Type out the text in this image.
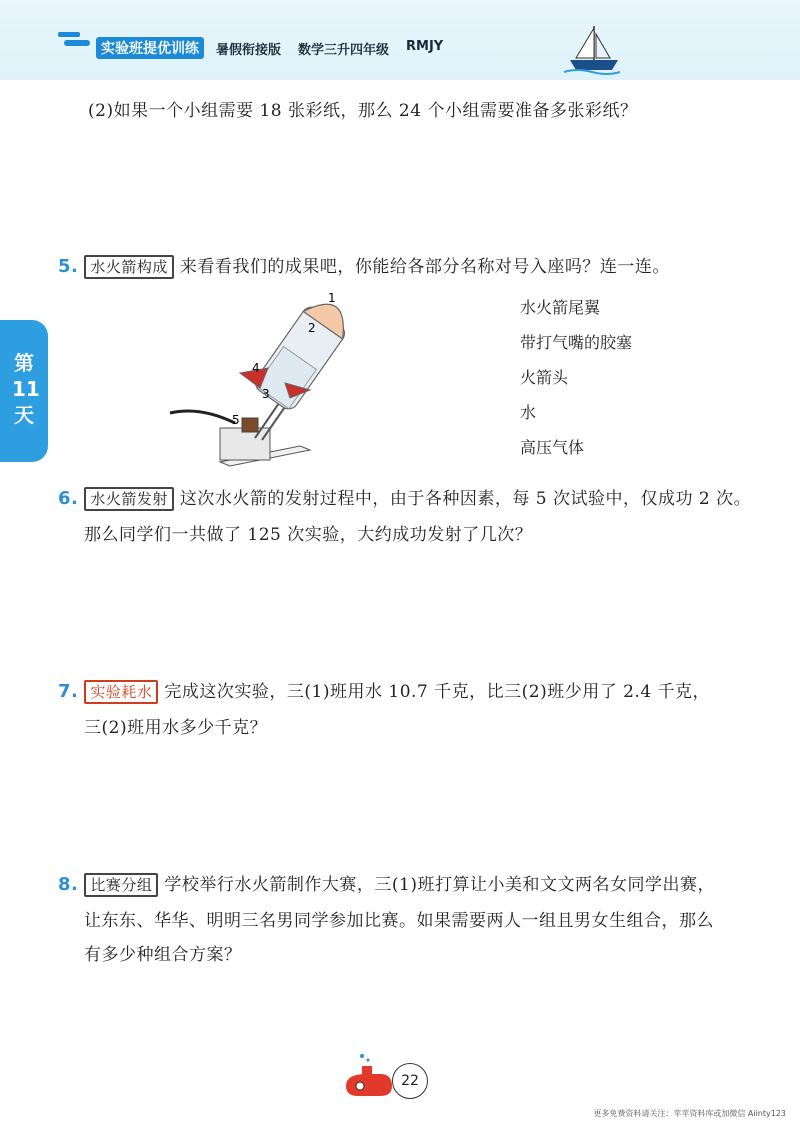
实验班提优训练	暑假衔接版 数学三升四年级 RMJY
第11天
(2)如果一个小组需要 18 张彩纸，那么 24 个小组需要准备多张彩纸？
5. 水火箭构成 来看看我们的成果吧，你能给各部分名称对号入座吗？连一连。
1
2
3
4
5
水火箭尾翼
带打气嘴的胶塞
火箭头
水
高压气体
6. 水火箭发射 这次水火箭的发射过程中，由于各种因素，每 5 次试验中，仅成功 2 次。
那么同学们一共做了 125 次实验，大约成功发射了几次？
7. 实验耗水 完成这次实验，三(1)班用水 10.7 千克，比三(2)班少用了 2.4 千克，
三(2)班用水多少千克？
8. 比赛分组 学校举行水火箭制作大赛，三(1)班打算让小美和文文两名女同学出赛，
让东东、华华、明明三名男同学参加比赛。如果需要两人一组且男女生组合，那么
有多少种组合方案？
22
更多免费资料请关注：苹苹资料库或加微信 Aiinty123
